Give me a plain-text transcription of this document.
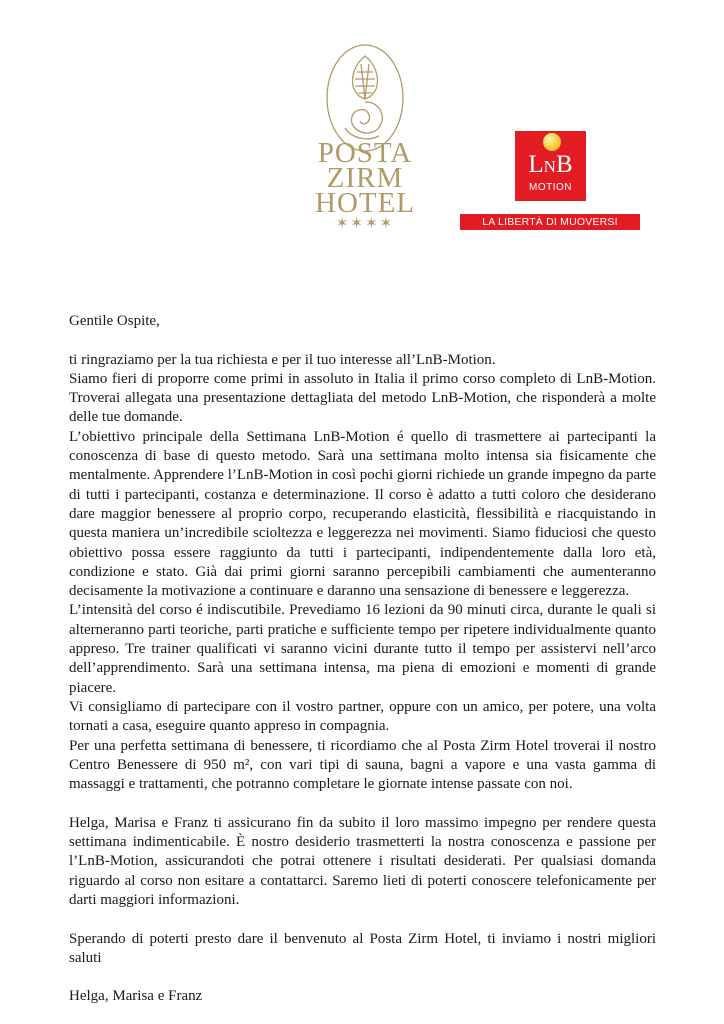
POSTA
ZIRM
HOTEL
✶✶✶✶
LNB
MOTION
LA LIBERTÀ DI MUOVERSI

Gentile Ospite,

ti ringraziamo per la tua richiesta e per il tuo interesse all’LnB-Motion.

Siamo fieri di proporre come primi in assoluto in Italia il primo corso completo di LnB-Motion. Troverai allegata una presentazione dettagliata del metodo LnB-Motion, che risponderà a molte delle tue domande.

L’obiettivo principale della Settimana LnB-Motion é quello di trasmettere ai partecipanti la conoscenza di base di questo metodo. Sarà una settimana molto intensa sia fisicamente che mentalmente. Apprendere l’LnB-Motion in così pochi giorni richiede un grande impegno da parte di tutti i partecipanti, costanza e determinazione. Il corso è adatto a tutti coloro che desiderano dare maggior benessere al proprio corpo, recuperando elasticità, flessibilità e riacquistando in questa maniera un’incredibile scioltezza e leggerezza nei movimenti. Siamo fiduciosi che questo obiettivo possa essere raggiunto da tutti i partecipanti, indipendentemente dalla loro età, condizione e stato. Già dai primi giorni saranno percepibili cambiamenti che aumenteranno decisamente la motivazione a continuare e daranno una sensazione di benessere e leggerezza.

L’intensità del corso é indiscutibile. Prevediamo 16 lezioni da 90 minuti circa, durante le quali si alterneranno parti teoriche, parti pratiche e sufficiente tempo per ripetere individualmente quanto appreso. Tre trainer qualificati vi saranno vicini durante tutto il tempo per assistervi nell’arco dell’apprendimento. Sarà una settimana intensa, ma piena di emozioni e momenti di grande piacere.

Vi consigliamo di partecipare con il vostro partner, oppure con un amico, per potere, una volta tornati a casa, eseguire quanto appreso in compagnia.

Per una perfetta settimana di benessere, ti ricordiamo che al Posta Zirm Hotel troverai il nostro Centro Benessere di 950 m², con vari tipi di sauna, bagni a vapore e una vasta gamma di massaggi e trattamenti, che potranno completare le giornate intense passate con noi.

Helga, Marisa e Franz ti assicurano fin da subito il loro massimo impegno per rendere questa settimana indimenticabile. È nostro desiderio trasmetterti la nostra conoscenza e passione per l’LnB-Motion, assicurandoti che potrai ottenere i risultati desiderati. Per qualsiasi domanda riguardo al corso non esitare a contattarci. Saremo lieti di poterti conoscere telefonicamente per darti maggiori informazioni.

Sperando di poterti presto dare il benvenuto al Posta Zirm Hotel, ti inviamo i nostri migliori saluti

Helga, Marisa e Franz
